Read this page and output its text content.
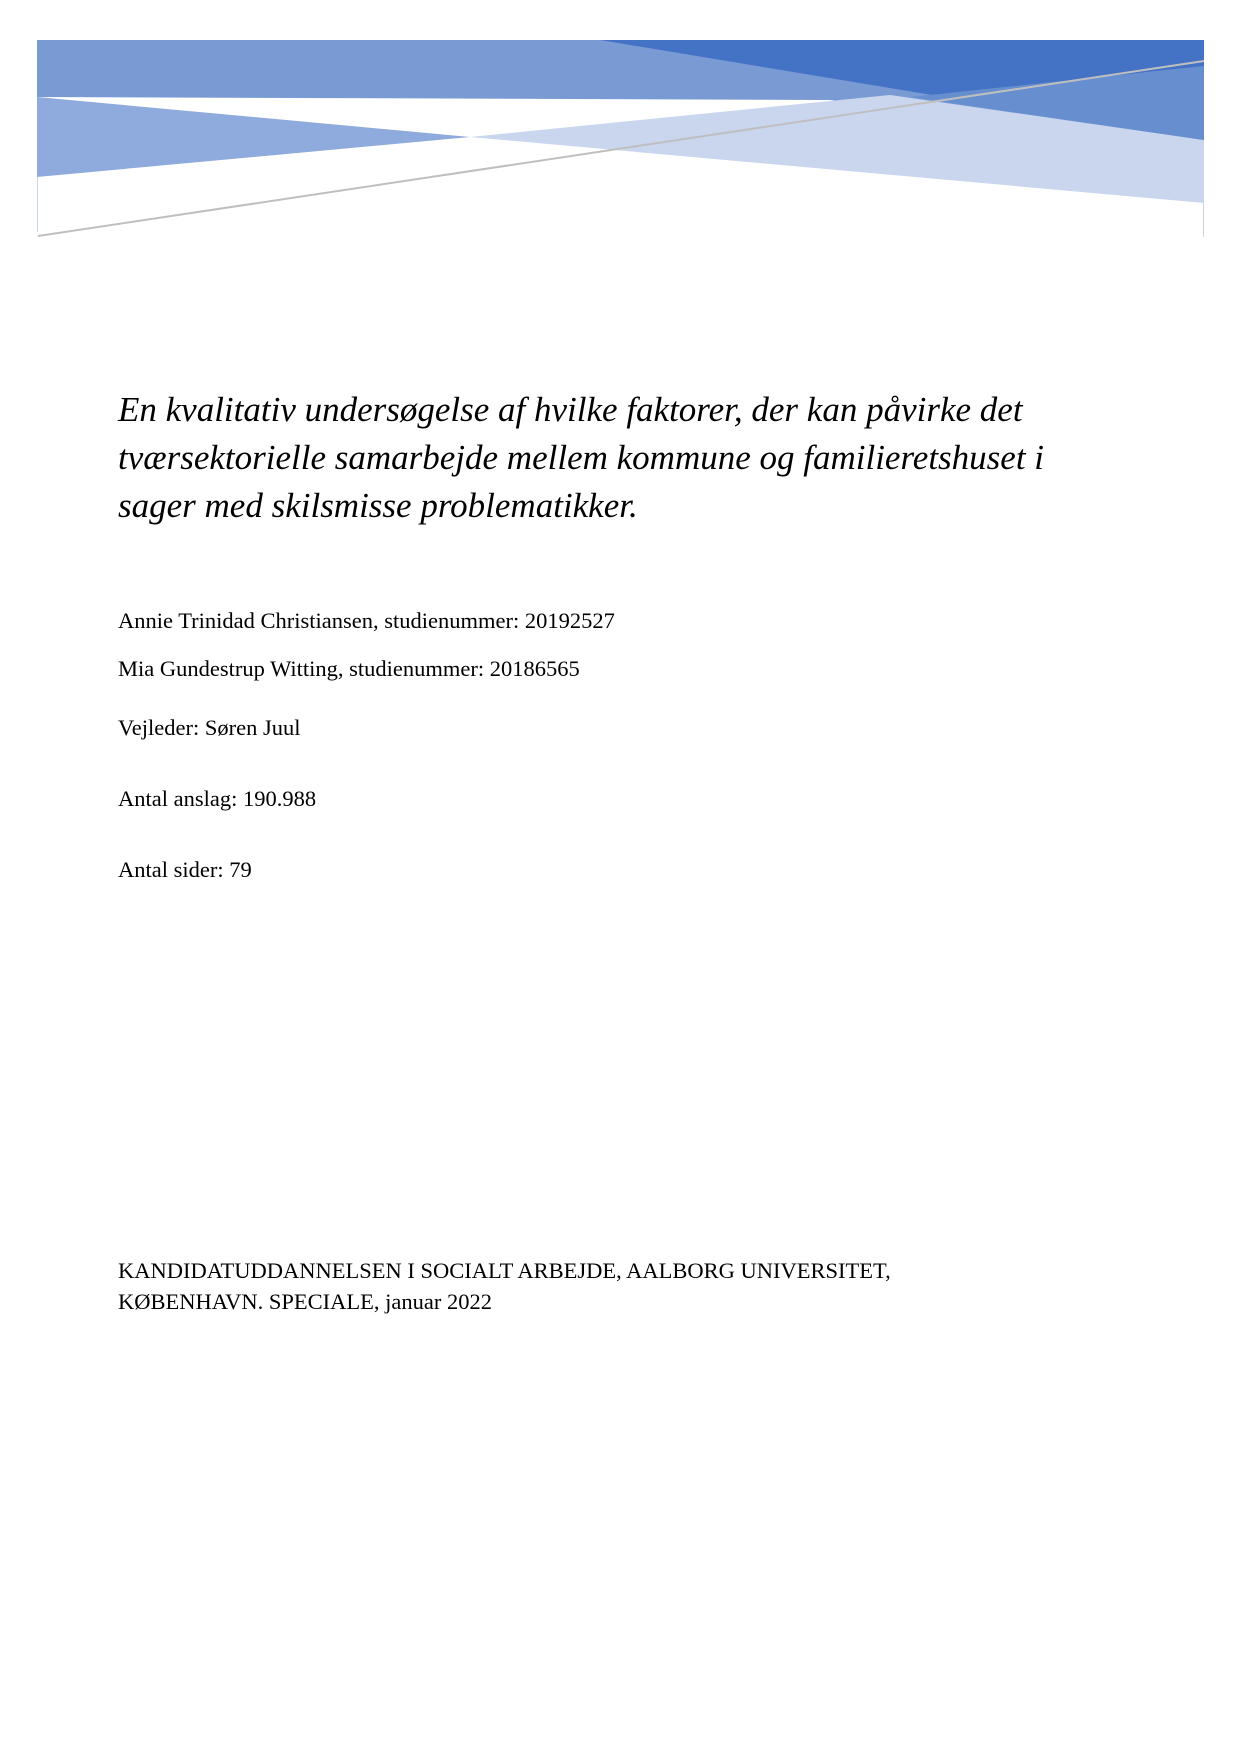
En kvalitativ undersøgelse af hvilke faktorer, der kan påvirke det tværsektorielle samarbejde mellem kommune og familieretshuset i sager med skilsmisse problematikker.
Annie Trinidad Christiansen, studienummer: 20192527
Mia Gundestrup Witting, studienummer: 20186565
Vejleder: Søren Juul
Antal anslag: 190.988
Antal sider: 79
KANDIDATUDDANNELSEN I SOCIALT ARBEJDE, AALBORG UNIVERSITET,
KØBENHAVN. SPECIALE, januar 2022
